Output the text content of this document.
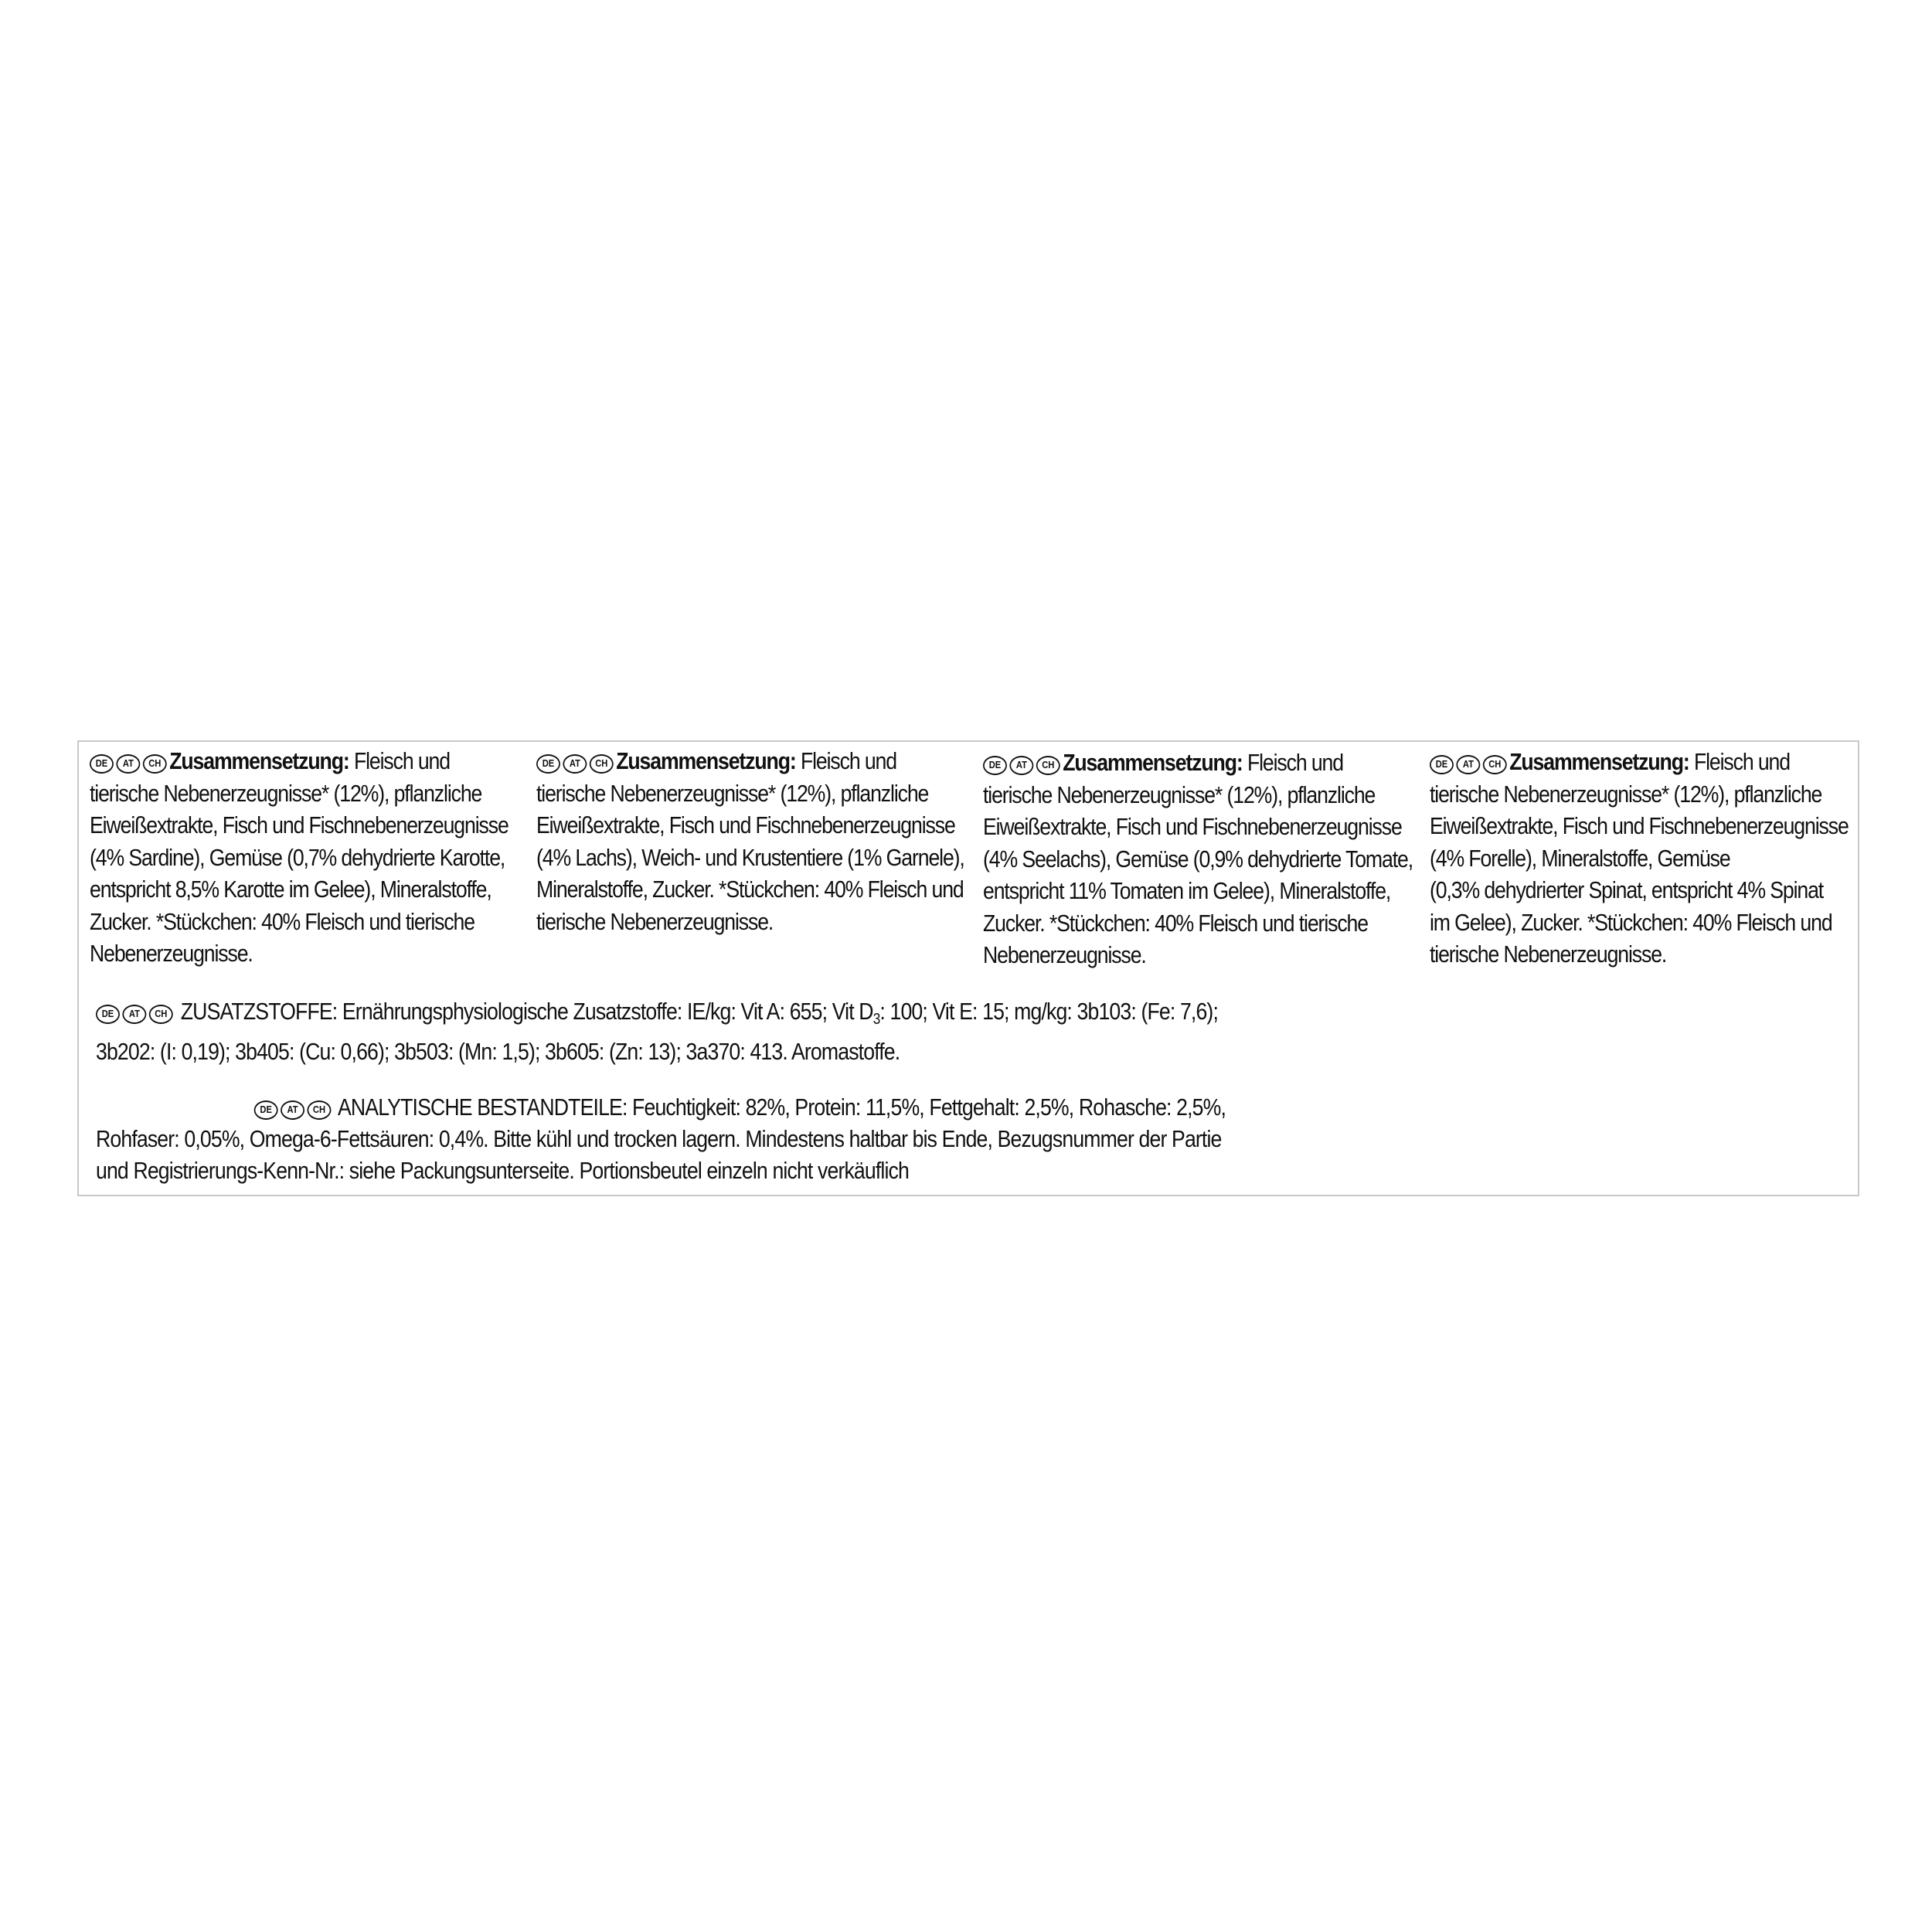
DE AT CH Zusammensetzung: Fleisch und
tierische Nebenerzeugnisse* (12%), pflanzliche
Eiweißextrakte, Fisch und Fischnebenerzeugnisse
(4% Sardine), Gemüse (0,7% dehydrierte Karotte,
entspricht 8,5% Karotte im Gelee), Mineralstoffe,
Zucker. *Stückchen: 40% Fleisch und tierische
Nebenerzeugnisse.
DE AT CH Zusammensetzung: Fleisch und
tierische Nebenerzeugnisse* (12%), pflanzliche
Eiweißextrakte, Fisch und Fischnebenerzeugnisse
(4% Lachs), Weich- und Krustentiere (1% Garnele),
Mineralstoffe, Zucker. *Stückchen: 40% Fleisch und
tierische Nebenerzeugnisse.
DE AT CH Zusammensetzung: Fleisch und
tierische Nebenerzeugnisse* (12%), pflanzliche
Eiweißextrakte, Fisch und Fischnebenerzeugnisse
(4% Seelachs), Gemüse (0,9% dehydrierte Tomate,
entspricht 11% Tomaten im Gelee), Mineralstoffe,
Zucker. *Stückchen: 40% Fleisch und tierische
Nebenerzeugnisse.
DE AT CH Zusammensetzung: Fleisch und
tierische Nebenerzeugnisse* (12%), pflanzliche
Eiweißextrakte, Fisch und Fischnebenerzeugnisse
(4% Forelle), Mineralstoffe, Gemüse
(0,3% dehydrierter Spinat, entspricht 4% Spinat
im Gelee), Zucker. *Stückchen: 40% Fleisch und
tierische Nebenerzeugnisse.
DE AT CH ZUSATZSTOFFE: Ernährungsphysiologische Zusatzstoffe: IE/kg: Vit A: 655; Vit $D_3$: 100; Vit E: 15; mg/kg: 3b103: (Fe: 7,6);
3b202: (I: 0,19); 3b405: (Cu: 0,66); 3b503: (Mn: 1,5); 3b605: (Zn: 13); 3a370: 413. Aromastoffe.
DE AT CH ANALYTISCHE BESTANDTEILE: Feuchtigkeit: 82%, Protein: 11,5%, Fettgehalt: 2,5%, Rohasche: 2,5%,
Rohfaser: 0,05%, Omega-6-Fettsäuren: 0,4%. Bitte kühl und trocken lagern. Mindestens haltbar bis Ende, Bezugsnummer der Partie
und Registrierungs-Kenn-Nr.: siehe Packungsunterseite. Portionsbeutel einzeln nicht verkäuflich
